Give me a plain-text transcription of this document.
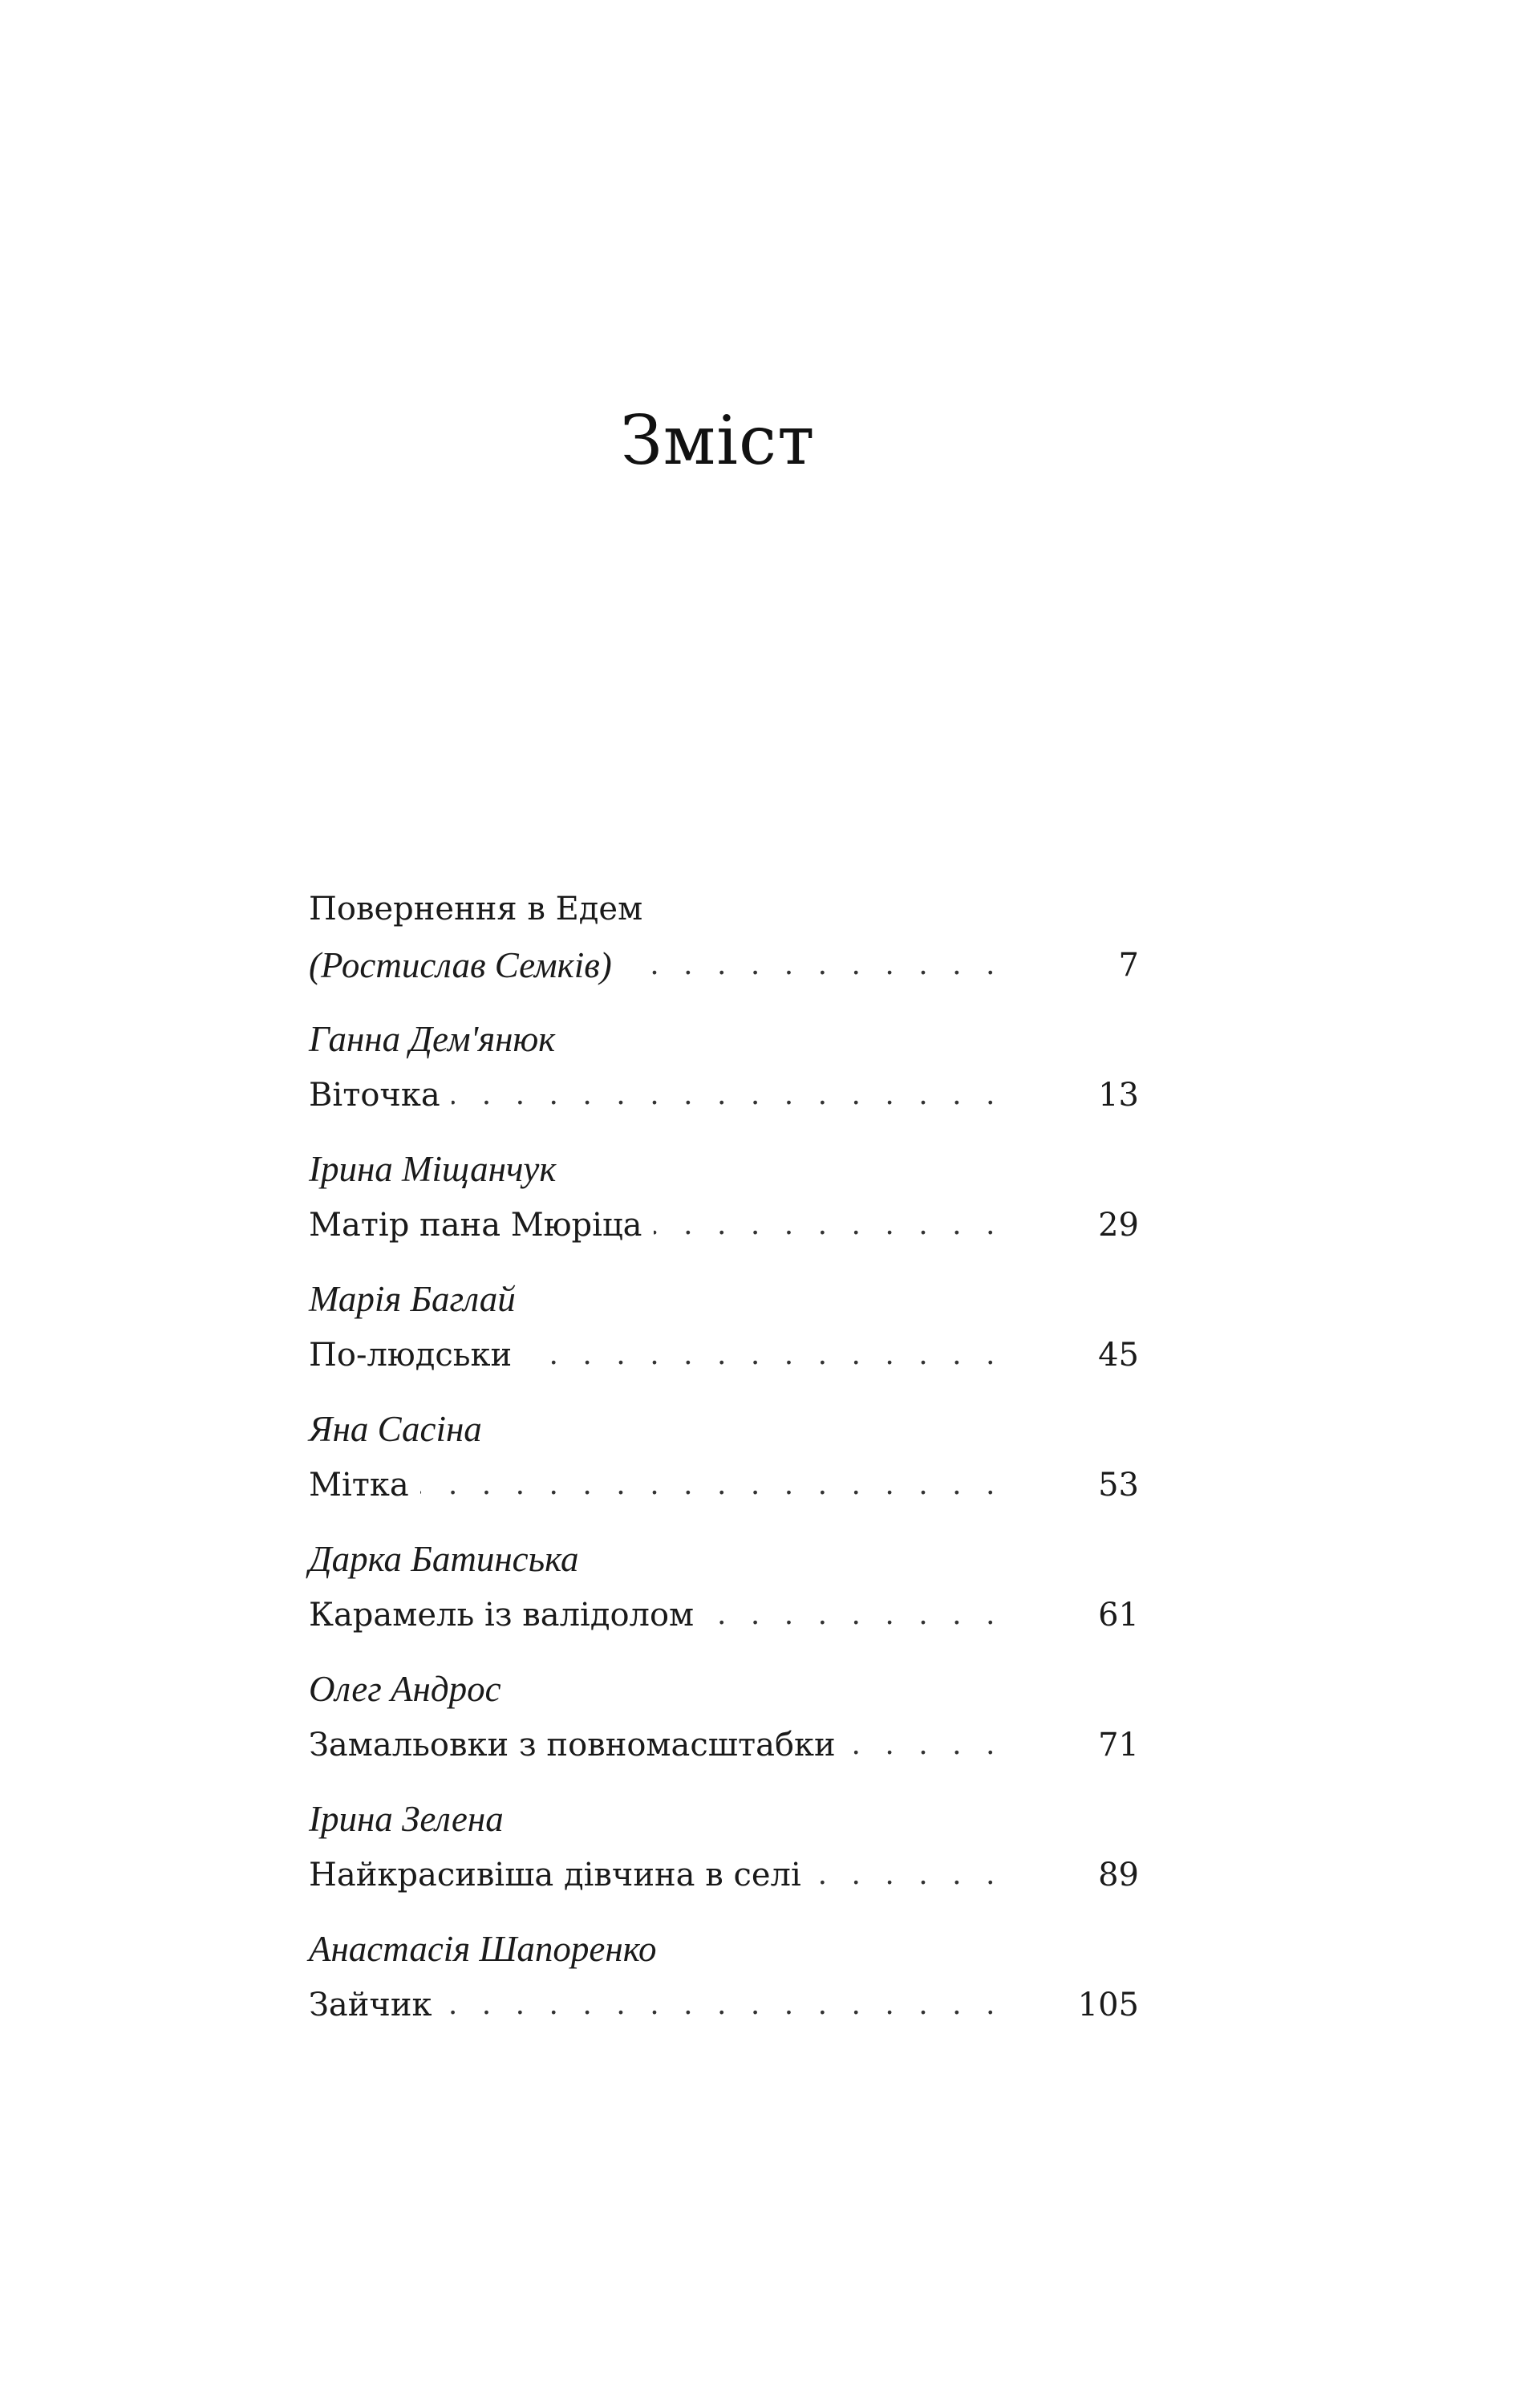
Зміст
Повернення в Едем
(Ростислав Семків) . . .	7
Ганна Дем'янюк
Віточка . . .	13
Ірина Міщанчук
Матір пана Мюріца . . .	29
Марія Баглай
По-людськи . . .	45
Яна Сасіна
Мітка . . .	53
Дарка Батинська
Карамель із валідолом . . .	61
Олег Андрос
Замальовки з повномасштабки . . .	71
Ірина Зелена
Найкрасивіша дівчина в селі . . .	89
Анастасія Шапоренко
Зайчик . . .	105
